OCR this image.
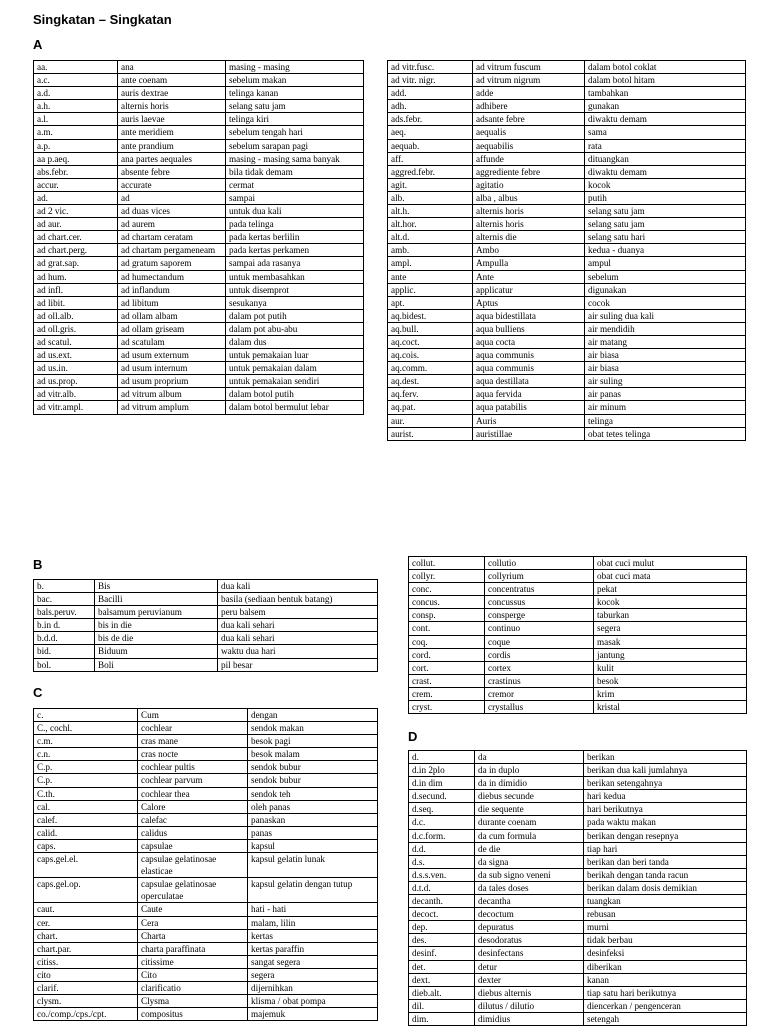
Singkatan – Singkatan
A
aa.	ana	masing - masing
a.c.	ante coenam	sebelum makan
a.d.	auris dextrae	telinga kanan
a.h.	alternis horis	selang satu jam
a.l.	auris laevae	telinga kiri
a.m.	ante meridiem	sebelum tengah hari
a.p.	ante prandium	sebelum sarapan pagi
aa p.aeq.	ana partes aequales	masing - masing sama banyak
abs.febr.	absente febre	bila tidak demam
accur.	accurate	cermat
ad.	ad	sampai
ad 2 vic.	ad duas vices	untuk dua kali
ad aur.	ad aurem	pada telinga
ad chart.cer.	ad chartam ceratam	pada kertas berlilin
ad chart.perg.	ad chartam pergameneam	pada kertas perkamen
ad grat.sap.	ad gratum saporem	sampai ada rasanya
ad hum.	ad humectandum	untuk membasahkan
ad infl.	ad inflandum	untuk disemprot
ad libit.	ad libitum	sesukanya
ad oll.alb.	ad ollam albam	dalam pot putih
ad oll.gris.	ad ollam griseam	dalam pot abu-abu
ad scatul.	ad scatulam	dalam dus
ad us.ext.	ad usum externum	untuk pemakaian luar
ad us.in.	ad usum internum	untuk pemakaian dalam
ad us.prop.	ad usum proprium	untuk pemakaian sendiri
ad vitr.alb.	ad vitrum album	dalam botol putih
ad vitr.ampl.	ad vitrum amplum	dalam botol bermulut lebar
ad vitr.fusc.	ad vitrum fuscum	dalam botol coklat
ad vitr. nigr.	ad vitrum nigrum	dalam botol hitam
add.	adde	tambahkan
adh.	adhibere	gunakan
ads.febr.	adsante febre	diwaktu demam
aeq.	aequalis	sama
aequab.	aequabilis	rata
aff.	affunde	dituangkan
aggred.febr.	aggrediente febre	diwaktu demam
agit.	agitatio	kocok
alb.	alba , albus	putih
alt.h.	alternis horis	selang satu jam
alt.hor.	alternis horis	selang satu jam
alt.d.	alternis die	selang satu hari
amb.	Ambo	kedua - duanya
ampl.	Ampulla	ampul
ante	Ante	sebelum
applic.	applicatur	digunakan
apt.	Aptus	cocok
aq.bidest.	aqua bidestillata	air suling dua kali
aq.bull.	aqua bulliens	air mendidih
aq.coct.	aqua cocta	air matang
aq.cois.	aqua communis	air biasa
aq.comm.	aqua communis	air biasa
aq.dest.	aqua destillata	air suling
aq.ferv.	aqua fervida	air panas
aq.pat.	aqua patabilis	air minum
aur.	Auris	telinga
aurist.	auristillae	obat tetes telinga
B
b.	Bis	dua kali
bac.	Bacilli	basila (sediaan bentuk batang)
bals.peruv.	balsamum peruvianum	peru balsem
b.in d.	bis in die	dua kali sehari
b.d.d.	bis de die	dua kali sehari
bid.	Biduum	waktu dua hari
bol.	Boli	pil besar
collut.	collutio	obat cuci mulut
collyr.	collyrium	obat cuci mata
conc.	concentratus	pekat
concus.	concussus	kocok
consp.	consperge	taburkan
cont.	continuo	segera
coq.	coque	masak
cord.	cordis	jantung
cort.	cortex	kulit
crast.	crastinus	besok
crem.	cremor	krim
cryst.	crystallus	kristal
C
c.	Cum	dengan
C., cochl.	cochlear	sendok makan
c.m.	cras mane	besok pagi
c.n.	cras nocte	besok malam
C.p.	cochlear pultis	sendok bubur
C.p.	cochlear parvum	sendok bubur
C.th.	cochlear thea	sendok teh
cal.	Calore	oleh panas
calef.	calefac	panaskan
calid.	calidus	panas
caps.	capsulae	kapsul
caps.gel.el.	capsulae gelatinosae elasticae	kapsul gelatin lunak
caps.gel.op.	capsulae gelatinosae operculatae	kapsul gelatin dengan tutup
caut.	Caute	hati - hati
cer.	Cera	malam, lilin
chart.	Charta	kertas
chart.par.	charta paraffinata	kertas paraffin
citiss.	citissime	sangat segera
cito	Cito	segera
clarif.	clarificatio	dijernihkan
clysm.	Clysma	klisma / obat pompa
co./comp./cps./cpt.	compositus	majemuk
D
d.	da	berikan
d.in 2plo	da in duplo	berikan dua kali jumlahnya
d.in dim	da in dimidio	berikan setengahnya
d.secund.	diebus secunde	hari kedua
d.seq.	die sequente	hari berikutnya
d.c.	durante coenam	pada waktu makan
d.c.form.	da cum formula	berikan dengan resepnya
d.d.	de die	tiap hari
d.s.	da signa	berikan dan beri tanda
d.s.s.ven.	da sub signo veneni	berikah dengan tanda racun
d.t.d.	da tales doses	berikan dalam dosis demikian
decanth.	decantha	tuangkan
decoct.	decoctum	rebusan
dep.	depuratus	murni
des.	desodoratus	tidak berbau
desinf.	desinfectans	desinfeksi
det.	detur	diberikan
dext.	dexter	kanan
dieb.alt.	diebus alternis	tiap satu hari berikutnya
dil.	dilutus / dilutio	diencerkan / pengenceran
dim.	dimidius	setengah
